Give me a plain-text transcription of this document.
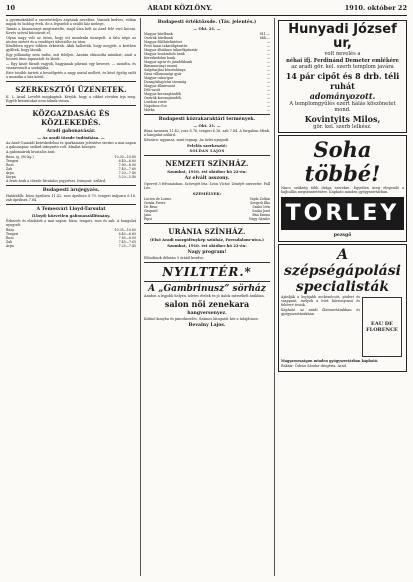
10	ARADI KÖZLÖNY.	1910. október 22

a gyermekekből a szeretetteljes anyának nevelése. Vannak kedves, vidám napok és boldog évek, de a legszebb a szülői ház melege.

Tamás a kisasszonyt megtisztelte, majd útra kelt az Arad felé vivő kocsin. Kevés szóval búcsúzott el.

Olyan nagy volt az öröm, hogy ott mindenki ünnepelt. A falu népe az utcára sietett és a vendéget üdvözölte az úton.

Későbben egyre többen érkeztek. Akik hallották, hogy megjött, a kertben gyűltek, hogy lássák.

Egy pillanatig nem tudta, mit feleljen. Azután elmondta mindazt, amit a hosszú úton tapasztalt és látott.

— Egy kissé fáradt vagyok, hagyjanak pihenni egy keveset, — mondta, és visszavonult a szobájába.

Este tovább tartott a beszélgetés a nagy asztal mellett, és késő éjjelig szólt a muzsika a ház körül.

SZERKESZTŐI ÜZENETEK.

K. L. Arad. Levelét megkaptuk. Kérjük, hogy a cikket röviden írja meg. Egyéb kéziratokat nem adunk vissza.

KÖZGAZDASÁG ÉS KÖZLEKEDÉS.
Aradi gabonavásár.
— Az aradi tőzsde tudósítása. —

Az Arad-Csanádi kereskedelmi és iparkamara jelentése szerint a mai napon a gabonapiac szilárd irányzatú volt. Kínálat közepes.

A gabonaáruk hivatalos árai:

Búza, uj, (80 kg.)	10.30—10.80
Tengeri	6.40—6.60
Rozs	7.80—8.00
Zab	7.40—7.60
Árpa	7.20—7.40
Korpa	5.20—5.40

A fenti árak a tőzsde hivatalos jegyzései. Irányzat: szilárd.

Budapesti árujegyzés.

Határidők: búza áprilisra 11.42, rozs áprilisra 8.79, tengeri májusra 6.16, zab áprilisra 7.84.

A Temesvári Lloyd-Tarsulat
(Lloyd) közvetlen gabonaszállítmány.

Érkezett és eladatott a mai napon: búza, tengeri, rozs és zab. A hangulat nyugodt.

Búza	10.35—10.80
Tengeri	6.40—6.60
Rozs	7.85—8.05
Zab	7.45—7.65
Árpa	7.25—7.45
Budapesti értéktőzsde. (Táv. jelentés.)
— Okt. 21. —
Magyar hitelbank	811.—
Osztrák hitelbank	664.—
Magyar földhitelintézet	—
Pesti hazai takarékpénztár	—
Magyar általános takarékpénztár	—
Magyar leszámítoló bank	—
Kereskedelmi bank	—
Magyar agrár és járadékbank	—
Rimamurányi vasmű	—
Salgótarjáni kőszénbánya	—
Ganz villamossági gyár	—
Magyar cukoripar	—
Dunagőzhajózási társaság	—
Magyar államvasút	—
Déli vasút	—
Magyar koronajáradék	—
Osztrák koronajáradék	—
Londoni rente	—
Napoleon d'or	—
Márka	—
Budapesti közrakaraktári termények.
— Okt. 21. —

Búza tavaszra 11.42, rozs 8.76, tengeri 6.16, zab 7.84. A forgalom élénk, a hangulat szilárd.

Készáru: ugyanaz, mint tegnap. Az üzlet nyugodt.

Felelős szerkesztő:
SOLDAN LAJOS
NEMZETI SZÍNHÁZ.
Szombat, 1910. évi október hó 22-én:
Az elvált asszony.

Operett 3 felvonásban. Szövegét írta: Leon Victor. Zenéjét szerzette: Fall Leo.

SZEMÉLYEK:
Lucien de Lorme	Vajda Zoltán
Gonda Pierre	Szegedi Ilka
De Brun	Szabó Irén
Gaspard	Szalai Jenő
Jana	Bán Emma
Pipsi	Nagy Sándor
URÁNIA SZÍNHÁZ.
(Első Aradi mozgófénykép színház, Forradalom-utca.)
Szombat, 1910. évi október hó 22-én:
Nagy program!

Előadások délután 5 órától kezdve.

NYILTTÉR.*
A „Gambrinusz” sörház

Aradon a legjobb helyen, ízletes ételek és jó italok mérsékelt árakban.

salon női zenekara
hangversenyez.

Kitűnő konyha és pincekezelés. Számos látogatót kér a tulajdonos:

Bevalny Lajos.
Hunyadi József ur,
volt nevelés a
néhai ifj. Ferdinánd Demeter emlékére
az aradi gör. kel. szerb templom javára
14 pár cipőt és 8 drb. téli ruhát
adományozott.
A templomgyűlés ezért hálás köszönetet mond.
Kovintyits Milos,
gör. kel. szerb lelkész.
Soha többé!

Nincs szükség több drága szerekre. Egyetlen üveg elegendő a hajhullás megszüntetésére. Kapható minden gyógyszertárban.

TORLEY
pezsgő
A szépségápolási specialisták
EAU DE
FLORENCE

Ajánlják a legújabb arckenőcsöt, púdert és szappant, melyek a bőrt bársonyossá és fehérré teszik.

Kapható az aradi illatszertárakban és gyógyszertárakban.

Magyarországon minden gyógyszertárban kapható.

Raktár: Ödeau Sándor drogéria, Arad.
